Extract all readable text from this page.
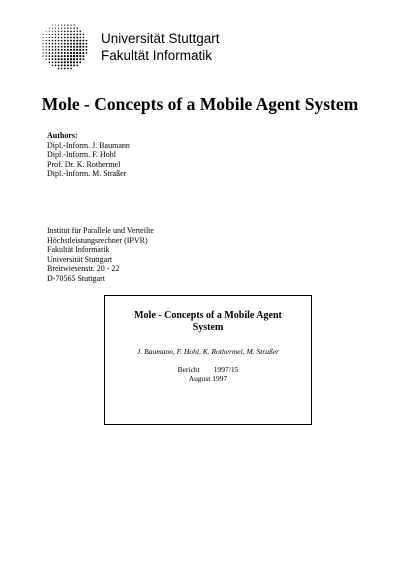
Universität Stuttgart
Fakultät Informatik
Mole - Concepts of a Mobile Agent System
Authors:
Dipl.-Inform. J. Baumann
Dipl.-Inform. F. Hohl
Prof. Dr. K. Rothermel
Dipl.-Inform. M. Straßer
Institut für Parallele und Verteilte
Höchstleistungsrechner (IPVR)
Fakultät Informatik
Universität Stuttgart
Breitwiesenstr. 20 - 22
D-70565 Stuttgart
Mole - Concepts of a Mobile Agent
System
J. Baumann, F. Hohl, K. Rothermel, M. Straßer
Bericht 1997/15
August 1997
